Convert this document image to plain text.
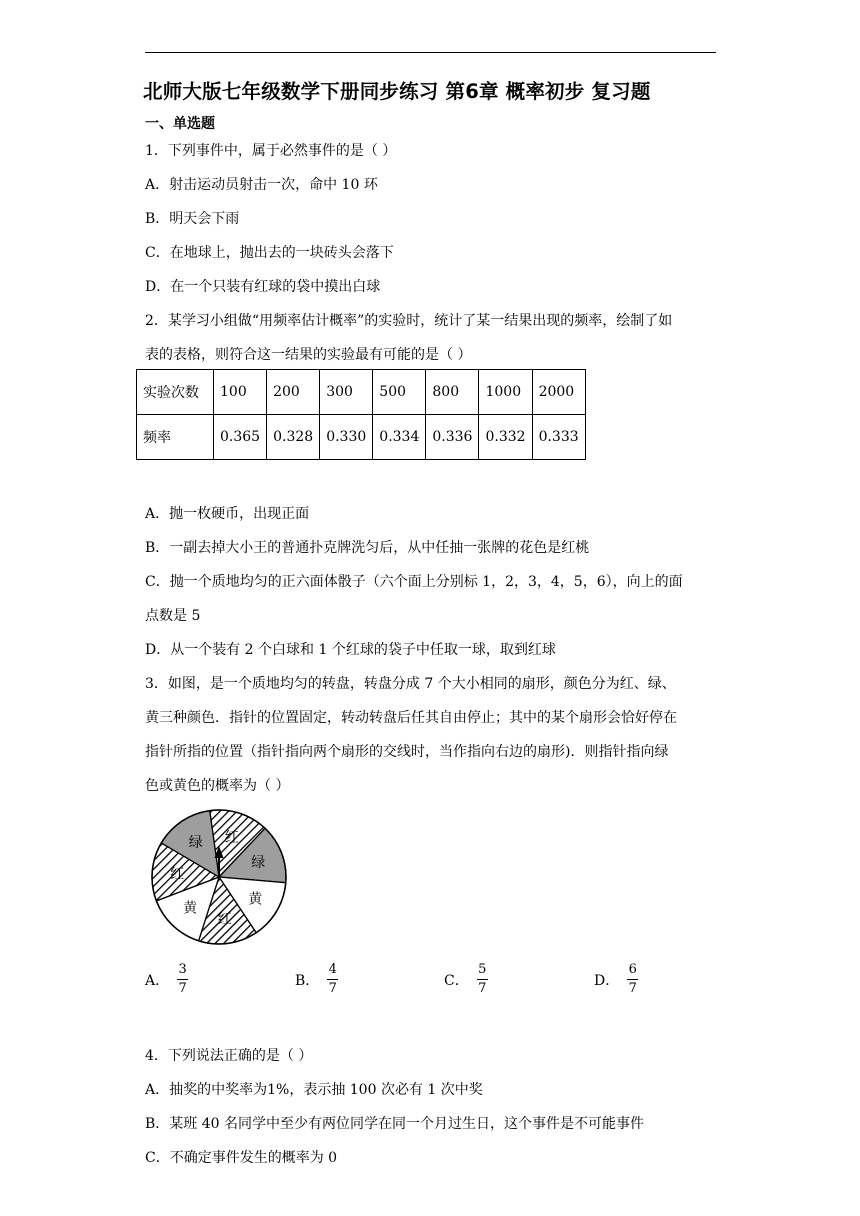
北师大版七年级数学下册同步练习 第6章 概率初步 复习题
一、单选题
1．下列事件中，属于必然事件的是（ ）
A．射击运动员射击一次，命中 10 环
B．明天会下雨
C．在地球上，抛出去的一块砖头会落下
D．在一个只装有红球的袋中摸出白球
2．某学习小组做“用频率估计概率”的实验时，统计了某一结果出现的频率，绘制了如
表的表格，则符合这一结果的实验最有可能的是（ ）
实验次数	100	200	300	500	800	1000	2000
频率	0.365	0.328	0.330	0.334	0.336	0.332	0.333
A．抛一枚硬币，出现正面
B．一副去掉大小王的普通扑克牌洗匀后，从中任抽一张牌的花色是红桃
C．抛一个质地均匀的正六面体骰子（六个面上分别标 1，2，3，4，5，6），向上的面
点数是 5
D．从一个装有 2 个白球和 1 个红球的袋子中任取一球，取到红球
3．如图，是一个质地均匀的转盘，转盘分成 7 个大小相同的扇形，颜色分为红、绿、
黄三种颜色．指针的位置固定，转动转盘后任其自由停止；其中的某个扇形会恰好停在
指针所指的位置（指针指向两个扇形的交线时，当作指向右边的扇形)．则指针指向绿
色或黄色的概率为（ ）
红
绿
黄
红
黄
红
绿
A． $\frac{3}{7}$	B． $\frac{4}{7}$	C． $\frac{5}{7}$	D． $\frac{6}{7}$
4．下列说法正确的是（ ）
A．抽奖的中奖率为1%，表示抽 100 次必有 1 次中奖
B．某班 40 名同学中至少有两位同学在同一个月过生日，这个事件是不可能事件
C．不确定事件发生的概率为 0
